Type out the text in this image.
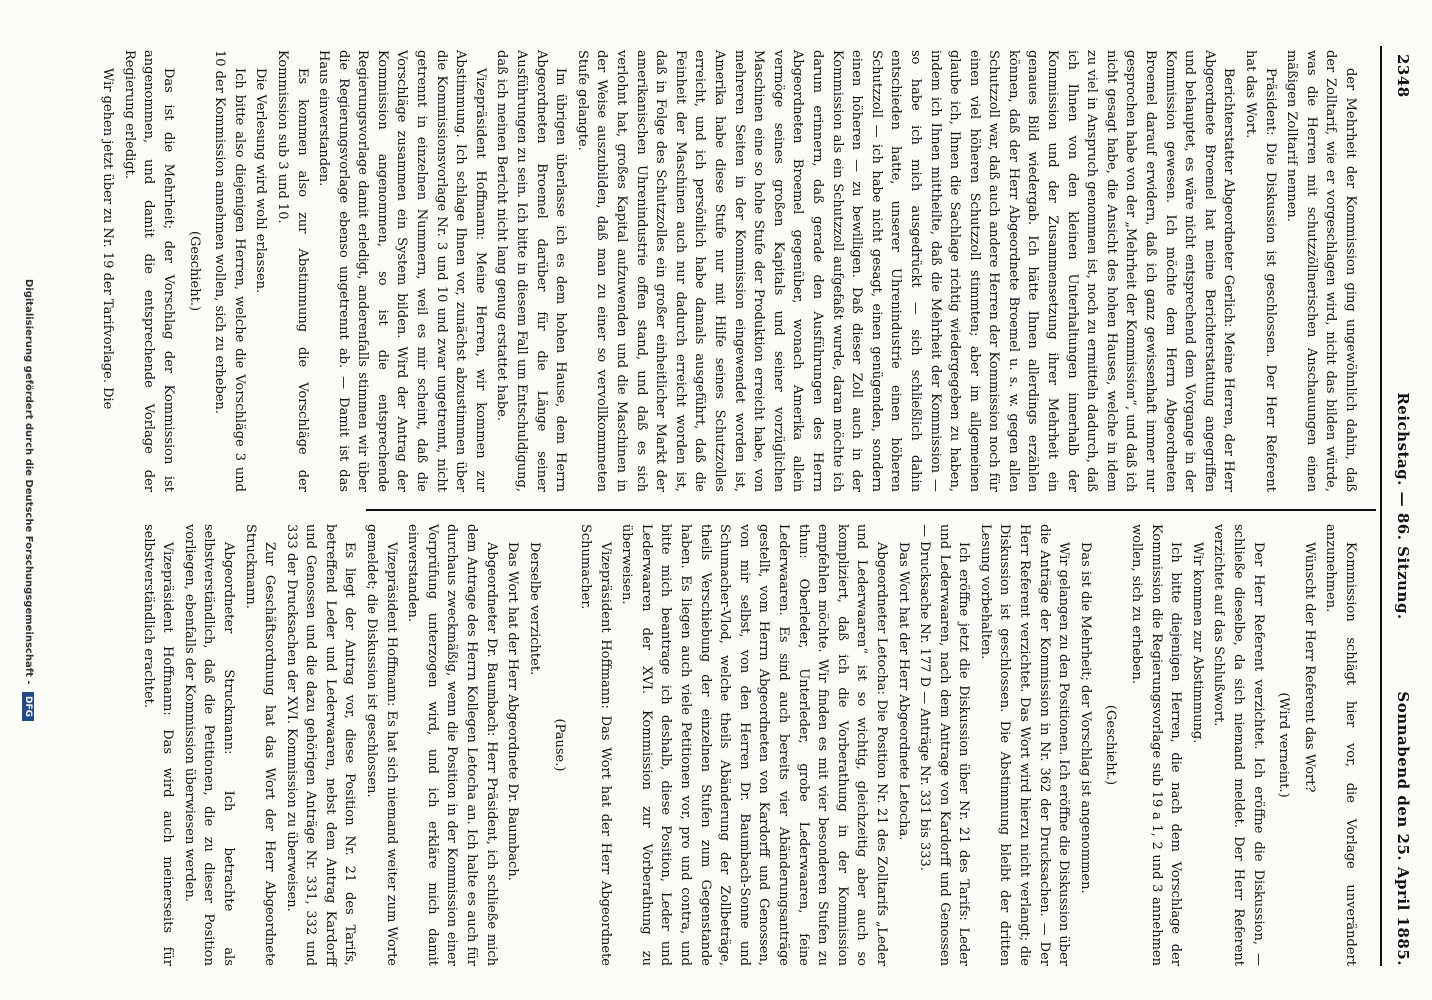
2348
Reichstag. — 86. Sitzung.
Sonnabend den 25. April 1885.

der Mehrheit der Kommission ging ungewöhnlich dahin, daß der Zolltarif, wie er vorgeschlagen wird, nicht das bilden würde, was die Herren mit schutzzöllnerischen Anschauungen einen mäßigen Zolltarif nennen.

Präsident: Die Diskussion ist geschlossen. Der Herr Referent hat das Wort.

Berichterstatter Abgeordneter Gerlich: Meine Herren, der Herr Abgeordnete Broemel hat meine Berichterstattung angegriffen und behauptet, es wäre nicht entsprechend dem Vorgange in der Kommission gewesen. Ich möchte dem Herrn Abgeordneten Broemel darauf erwidern, daß ich ganz gewissenhaft immer nur gesprochen habe von der „Mehrheit der Kommission“, und daß ich nicht gesagt habe, die Ansicht des hohen Hauses, welche in idem zu viel in Anspruch genommen ist, noch zu ermitteln dadurch, daß ich Ihnen von den kleinen Unterhaltungen innerhalb der Kommission und der Zusammensetzung ihrer Mehrheit ein genaues Bild wiedergab. Ich hätte Ihnen allerdings erzählen können, daß der Herr Abgeordnete Broemel u. s. w. gegen allen Schutzzoll war, daß auch andere Herren der Kommission noch für einen viel höheren Schutzzoll stimmten; aber im allgemeinen glaube ich, Ihnen die Sachlage richtig wiedergegeben zu haben, indem ich Ihnen mittheilte, daß die Mehrheit der Kommission — so habe ich mich ausgedrückt — sich schließlich dahin entschieden hatte, unserer Uhrenindustrie einen höheren Schutzzoll — ich habe nicht gesagt, einen genügenden, sondern einen höheren — zu bewilligen. Daß dieser Zoll auch in der Kommission als ein Schutzzoll aufgefaßt wurde, daran möchte ich darum erinnern, daß gerade den Ausführungen des Herrn Abgeordneten Broemel gegenüber, wonach Amerika allein vermöge seines großen Kapitals und seiner vorzüglichen Maschinen eine so hohe Stufe der Produktion erreicht habe, von mehreren Seiten in der Kommission eingewendet worden ist, Amerika habe diese Stufe nur mit Hilfe seines Schutzzolles erreicht, und ich persönlich habe damals ausgeführt, daß die Feinheit der Maschinen auch nur dadurch erreicht worden ist, daß in Folge des Schutzzolles ein großer einheitlicher Markt der amerikanischen Uhrenindustrie offen stand, und daß es sich verlohnt hat, großes Kapital aufzuwenden und die Maschinen in der Weise auszubilden, daß man zu einer so vervollkommneten Stufe gelangte.

Im übrigen überlasse ich es dem hohen Hause, dem Herrn Abgeordneten Broemel darüber für die Länge seiner Ausführungen zu sein. Ich bitte in diesem Fall um Entschuldigung, daß ich meinen Bericht nicht lang genug erstattet habe.

Vizepräsident Hoffmann: Meine Herren, wir kommen zur Abstimmung. Ich schlage Ihnen vor, zunächst abzustimmen über die Kommissionsvorlage Nr. 3 und 10 und zwar ungetrennt, nicht getrennt in einzelnen Nummern, weil es mir scheint, daß die Vorschläge zusammen ein System bilden. Wird der Antrag der Kommission angenommen, so ist die entsprechende Regierungsvorlage damit erledigt, anderenfalls stimmen wir über die Regierungsvorlage ebenso ungetrennt ab. — Damit ist das Haus einverstanden.

Es kommen also zur Abstimmung die Vorschläge der Kommission sub 3 und 10.

Die Verlesung wird wohl erlassen.

Ich bitte also diejenigen Herren, welche die Vorschläge 3 und 10 der Kommission annehmen wollen, sich zu erheben.

(Geschieht.)

Das ist die Mehrheit; der Vorschlag der Kommission ist angenommen, und damit die entsprechende Vorlage der Regierung erledigt.

Wir gehen jetzt über zu Nr. 19 der Tarifvorlage. Die

Kommission schlägt hier vor, die Vorlage unverändert anzunehmen.

Wünscht der Herr Referent das Wort?

(Wird verneint.)

Der Herr Referent verzichtet. Ich eröffne die Diskussion, — schließe dieselbe, da sich niemand meldet. Der Herr Referent verzichtet auf das Schlußwort.

Wir kommen zur Abstimmung.

Ich bitte diejenigen Herren, die nach dem Vorschlage der Kommission die Regierungsvorlage sub 19 a 1, 2 und 3 annehmen wollen, sich zu erheben.

(Geschieht.)

Das ist die Mehrheit; der Vorschlag ist angenommen.

Wir gelangen zu den Positionen. Ich eröffne die Diskussion über die Anträge der Kommission in Nr. 362 der Drucksachen. — Der Herr Referent verzichtet. Das Wort wird hierzu nicht verlangt; die Diskussion ist geschlossen. Die Abstimmung bleibt der dritten Lesung vorbehalten.

Ich eröffne jetzt die Diskussion über Nr. 21 des Tarifs: Leder und Lederwaaren, nach dem Antrage von Kardorff und Genossen — Drucksache Nr. 177 D — Anträge Nr. 331 bis 333.

Das Wort hat der Herr Abgeordnete Letocha.

Abgeordneter Letocha: Die Position Nr. 21 des Zolltarifs „Leder und Lederwaaren“ ist so wichtig, gleichzeitig aber auch so kompliziert, daß ich die Vorberathung in der Kommission empfehlen möchte. Wir finden es mit vier besonderen Stufen zu thun: Oberleder, Unterleder, grobe Lederwaaren, feine Lederwaaren. Es sind auch bereits vier Abänderungsanträge gestellt, vom Herrn Abgeordneten von Kardorff und Genossen, von mir selbst, von den Herren Dr. Baumbach-Sonne und Schumacher-Vlod, welche theils Abänderung der Zollbeträge, theils Verschiebung der einzelnen Stufen zum Gegenstande haben. Es liegen auch viele Petitionen vor, pro und contra, und bitte mich beantrage ich deshalb, diese Position, Leder und Lederwaaren der XVI. Kommission zur Vorberathung zu überweisen.

Vizepräsident Hoffmann: Das Wort hat der Herr Abgeordnete Schumacher.

(Pause.)

Derselbe verzichtet.

Das Wort hat der Herr Abgeordnete Dr. Baumbach.

Abgeordneter Dr. Baumbach: Herr Präsident, ich schließe mich dem Antrage des Herrn Kollegen Letocha an. Ich halte es auch für durchaus zweckmäßig, wenn die Position in der Kommission einer Vorprüfung unterzogen wird, und ich erkläre mich damit einverstanden.

Vizepräsident Hoffmann: Es hat sich niemand weiter zum Worte gemeldet; die Diskussion ist geschlossen.

Es liegt der Antrag vor, diese Position Nr. 21 des Tarifs, betreffend Leder und Lederwaaren, nebst dem Antrag Kardorff und Genossen und die dazu gehörigen Anträge Nr. 331, 332 und 333 der Drucksachen der XVI. Kommission zu überweisen.

Zur Geschäftsordnung hat das Wort der Herr Abgeordnete Struckmann.

Abgeordneter Struckmann: Ich betrachte als selbstverständlich, daß die Petitionen, die zu dieser Position vorliegen, ebenfalls der Kommission überwiesen werden.

Vizepräsident Hoffmann: Das wird auch meinerseits für selbstverständlich erachtet.

Digitalisierung gefördert durch die Deutsche Forschungsgemeinschaft - DFG
